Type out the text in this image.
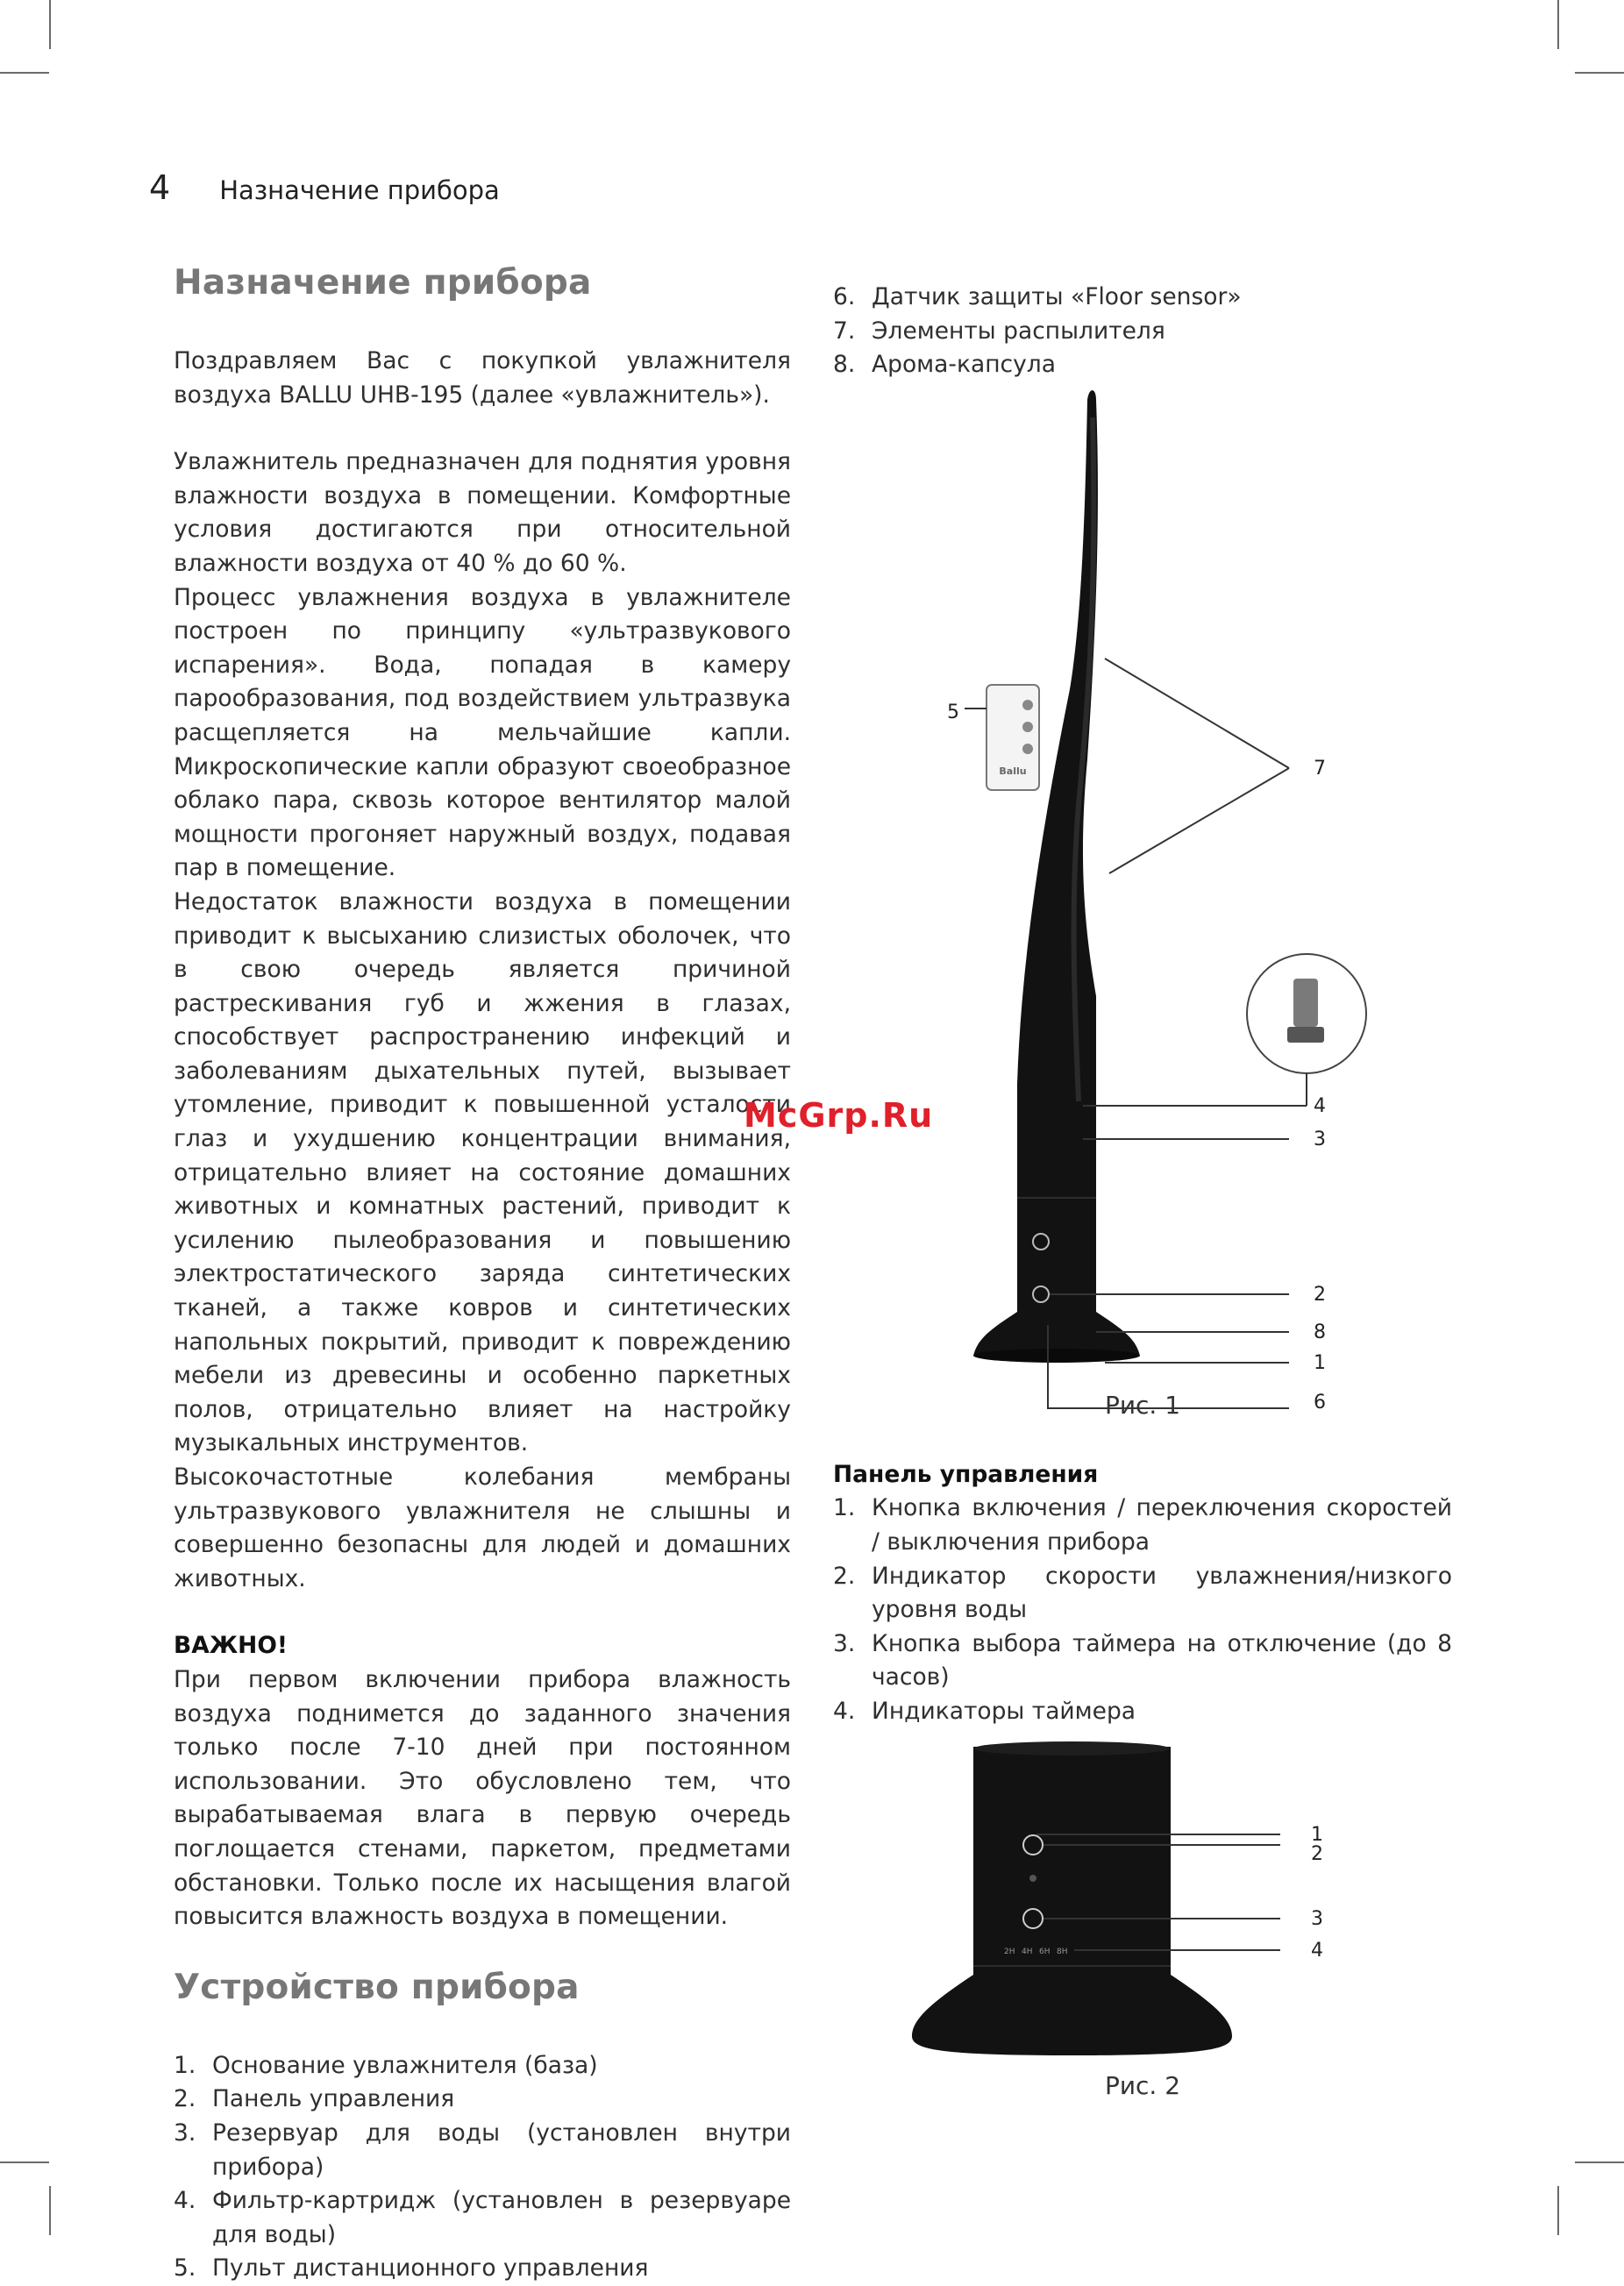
4 Назначение прибора
Назначение прибора

Поздравляем Вас с покупкой увлажнителя воздуха BALLU UHB-195 (далее «увлажнитель»).

Увлажнитель предназначен для поднятия уровня влажности воздуха в помещении. Комфортные условия достигаются при относительной влажности воздуха от 40 % до 60 %.

Процесс увлажнения воздуха в увлажнителе построен по принципу «ультразвукового испарения». Вода, попадая в камеру парообразования, под воздействием ультразвука расщепляется на мельчайшие капли. Микроскопические капли образуют своеобразное облако пара, сквозь которое вентилятор малой мощности прогоняет наружный воздух, подавая пар в помещение.

Недостаток влажности воздуха в помещении приводит к высыханию слизистых оболочек, что в свою очередь является причиной растрескивания губ и жжения в глазах, способствует распространению инфекций и заболеваниям дыхательных путей, вызывает утомление, приводит к повышенной усталости глаз и ухудшению концентрации внимания, отрицательно влияет на состояние домашних животных и комнатных растений, приводит к усилению пылеобразования и повышению электростатического заряда синтетических тканей, а также ковров и синтетических напольных покрытий, приводит к повреждению мебели из древесины и особенно паркетных полов, отрицательно влияет на настройку музыкальных инструментов.

Высокочастотные колебания мембраны ультразвукового увлажнителя не слышны и совершенно безопасны для людей и домашних животных.

ВАЖНО!

При первом включении прибора влажность воздуха поднимется до заданного значения только после 7-10 дней при постоянном использовании. Это обусловлено тем, что вырабатываемая влага в первую очередь поглощается стенами, паркетом, предметами обстановки. Только после их насыщения влагой повысится влажность воздуха в помещении.

Устройство прибора
1. Основание увлажнителя (база)
2. Панель управления
3. Резервуар для воды (установлен внутри прибора)
4. Фильтр-картридж (установлен в резервуаре для воды)
5. Пульт дистанционного управления
6. Датчик защиты «Floor sensor»
7. Элементы распылителя
8. Арома-капсула
Ballu
5
7
4
3
2
8
1
6
Рис. 1

Панель управления

1. Кнопка включения / переключения скоростей / выключения прибора
2. Индикатор скорости увлажнения/низкого уровня воды
3. Кнопка выбора таймера на отключение (до 8 часов)
4. Индикаторы таймера
2H 4H 6H 8H
1
2
3
4
Рис. 2
McGrp.Ru
